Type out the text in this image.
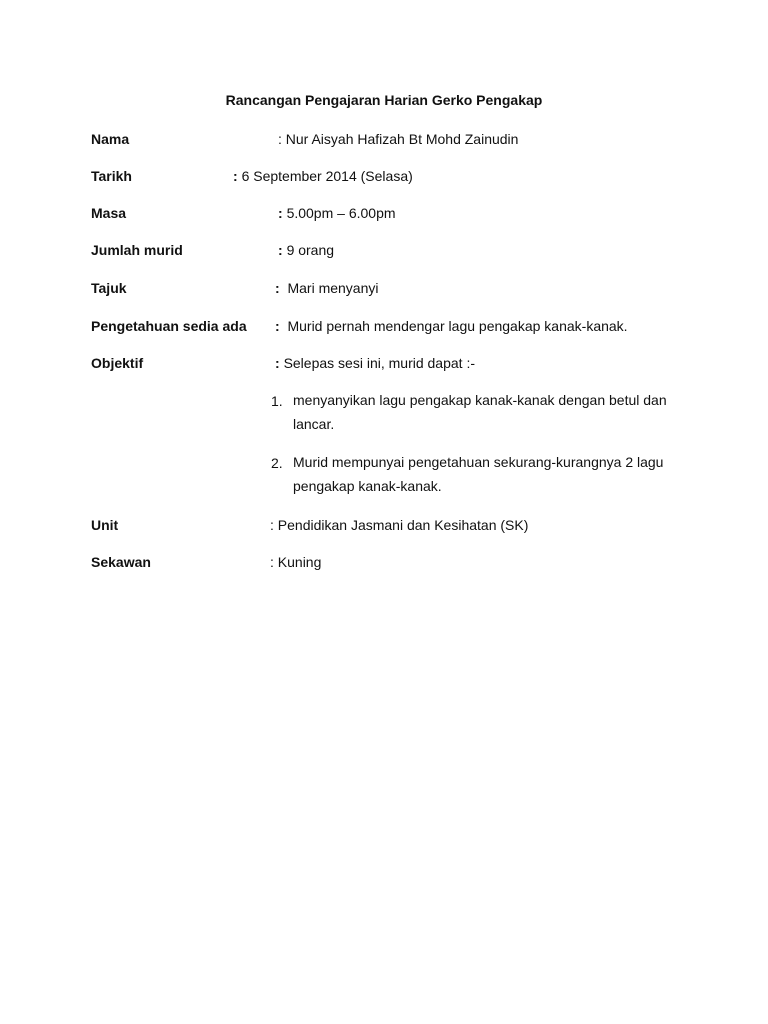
Rancangan Pengajaran Harian Gerko Pengakap
Nama	: Nur Aisyah Hafizah Bt Mohd Zainudin
Tarikh	: 6 September 2014 (Selasa)
Masa	: 5.00pm – 6.00pm
Jumlah murid	: 9 orang
Tajuk	: Mari menyanyi
Pengetahuan sedia ada : Murid pernah mendengar lagu pengakap kanak-kanak.
Objektif	: Selepas sesi ini, murid dapat :-
1. menyanyikan lagu pengakap kanak-kanak dengan betul dan lancar.
2. Murid mempunyai pengetahuan sekurang-kurangnya 2 lagu pengakap kanak-kanak.
Unit	: Pendidikan Jasmani dan Kesihatan (SK)
Sekawan	: Kuning
